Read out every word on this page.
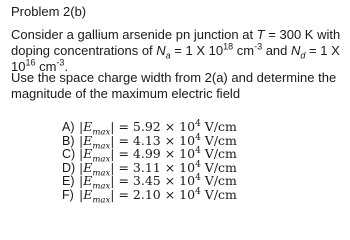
Problem 2(b)
Consider a gallium arsenide pn junction at T = 300 K with doping concentrations of $N_a = 1$ X $10^{18}$ $cm^{-3}$ and $N_d = 1$ X $10^{16}$ $cm^{-3}$.
Use the space charge width from 2(a) and determine the magnitude of the maximum electric field
A) $|E_{max}| = 5.92 \times 10^4$ V/cm
B) $|E_{max}| = 4.13 \times 10^4$ V/cm
C) $|E_{max}| = 4.99 \times 10^4$ V/cm
D) $|E_{max}| = 3.11 \times 10^4$ V/cm
E) $|E_{max}| = 3.45 \times 10^4$ V/cm
F) $|E_{max}| = 2.10 \times 10^4$ V/cm
